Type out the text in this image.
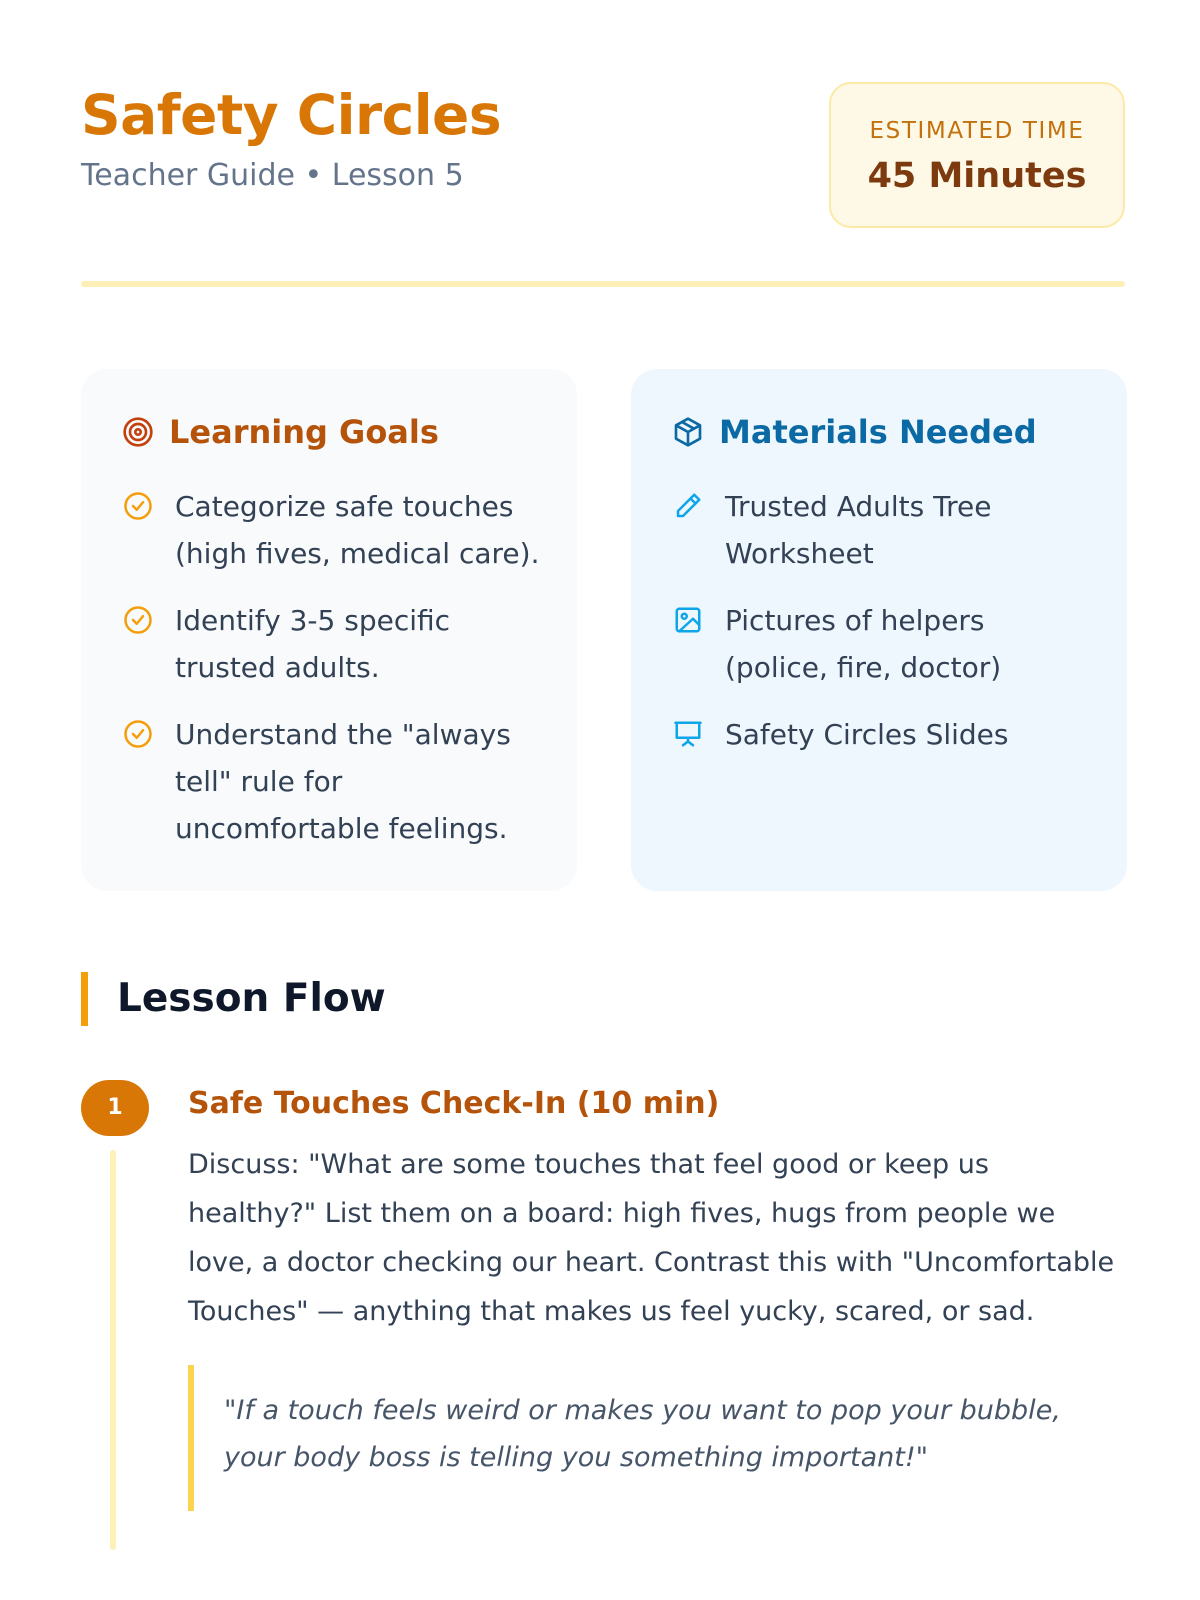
Safety Circles
Teacher Guide • Lesson 5
ESTIMATED TIME
45 Minutes
Learning Goals
Categorize safe touches (high fives, medical care).
Identify 3-5 specific trusted adults.
Understand the "always tell" rule for uncomfortable feelings.
Materials Needed
Trusted Adults Tree Worksheet
Pictures of helpers (police, fire, doctor)
Safety Circles Slides
Lesson Flow
1	Safe Touches Check-In (10 min)

Discuss: "What are some touches that feel good or keep us healthy?" List them on a board: high fives, hugs from people we love, a doctor checking our heart. Contrast this with "Uncomfortable Touches" — anything that makes us feel yucky, scared, or sad.

"If a touch feels weird or makes you want to pop your bubble, your body boss is telling you something important!"
